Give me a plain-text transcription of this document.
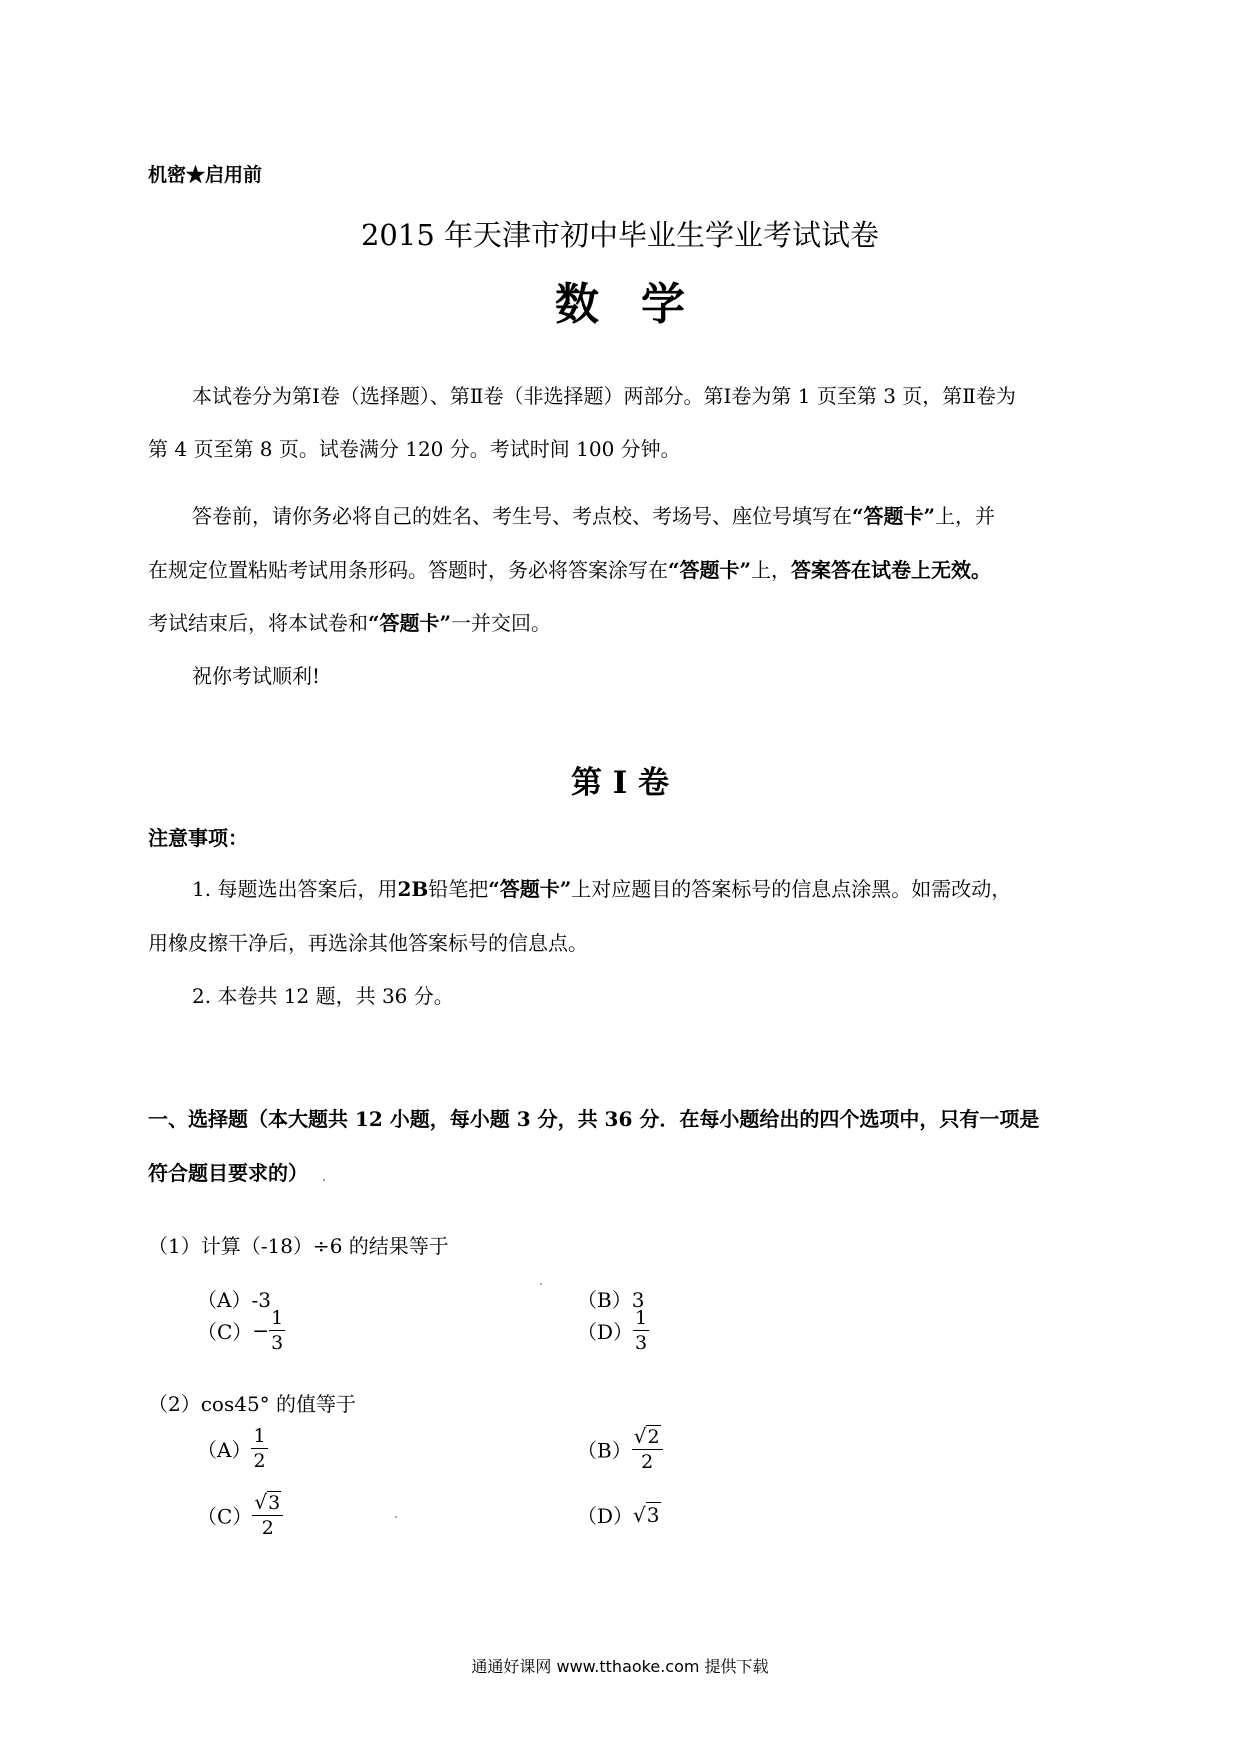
机密★启用前
2015 年天津市初中毕业生学业考试试卷
数学
本试卷分为第Ⅰ卷（选择题）、第Ⅱ卷（非选择题）两部分。第Ⅰ卷为第 1 页至第 3 页，第Ⅱ卷为
第 4 页至第 8 页。试卷满分 120 分。考试时间 100 分钟。
答卷前，请你务必将自己的姓名、考生号、考点校、考场号、座位号填写在“答题卡”上，并
在规定位置粘贴考试用条形码。答题时，务必将答案涂写在“答题卡”上，答案答在试卷上无效。
考试结束后，将本试卷和“答题卡”一并交回。
祝你考试顺利!
第 I 卷
注意事项：
1. 每题选出答案后，用2B铅笔把“答题卡”上对应题目的答案标号的信息点涂黑。如需改动，
用橡皮擦干净后，再选涂其他答案标号的信息点。
2. 本卷共 12 题，共 36 分。
一、选择题（本大题共 12 小题，每小题 3 分，共 36 分．在每小题给出的四个选项中，只有一项是
符合题目要求的）
（1）计算（-18）÷6 的结果等于
（A）-3	（B）3
$(C)- \frac{1}{3}$	$(D) \frac{1}{3}$
（2）cos45° 的值等于
$(A) \frac{1}{2}$	$(B) \frac{√2}{2}$
$(C) \frac{√3}{2}$	（D）√3
通通好课网 www.tthaoke.com 提供下载
